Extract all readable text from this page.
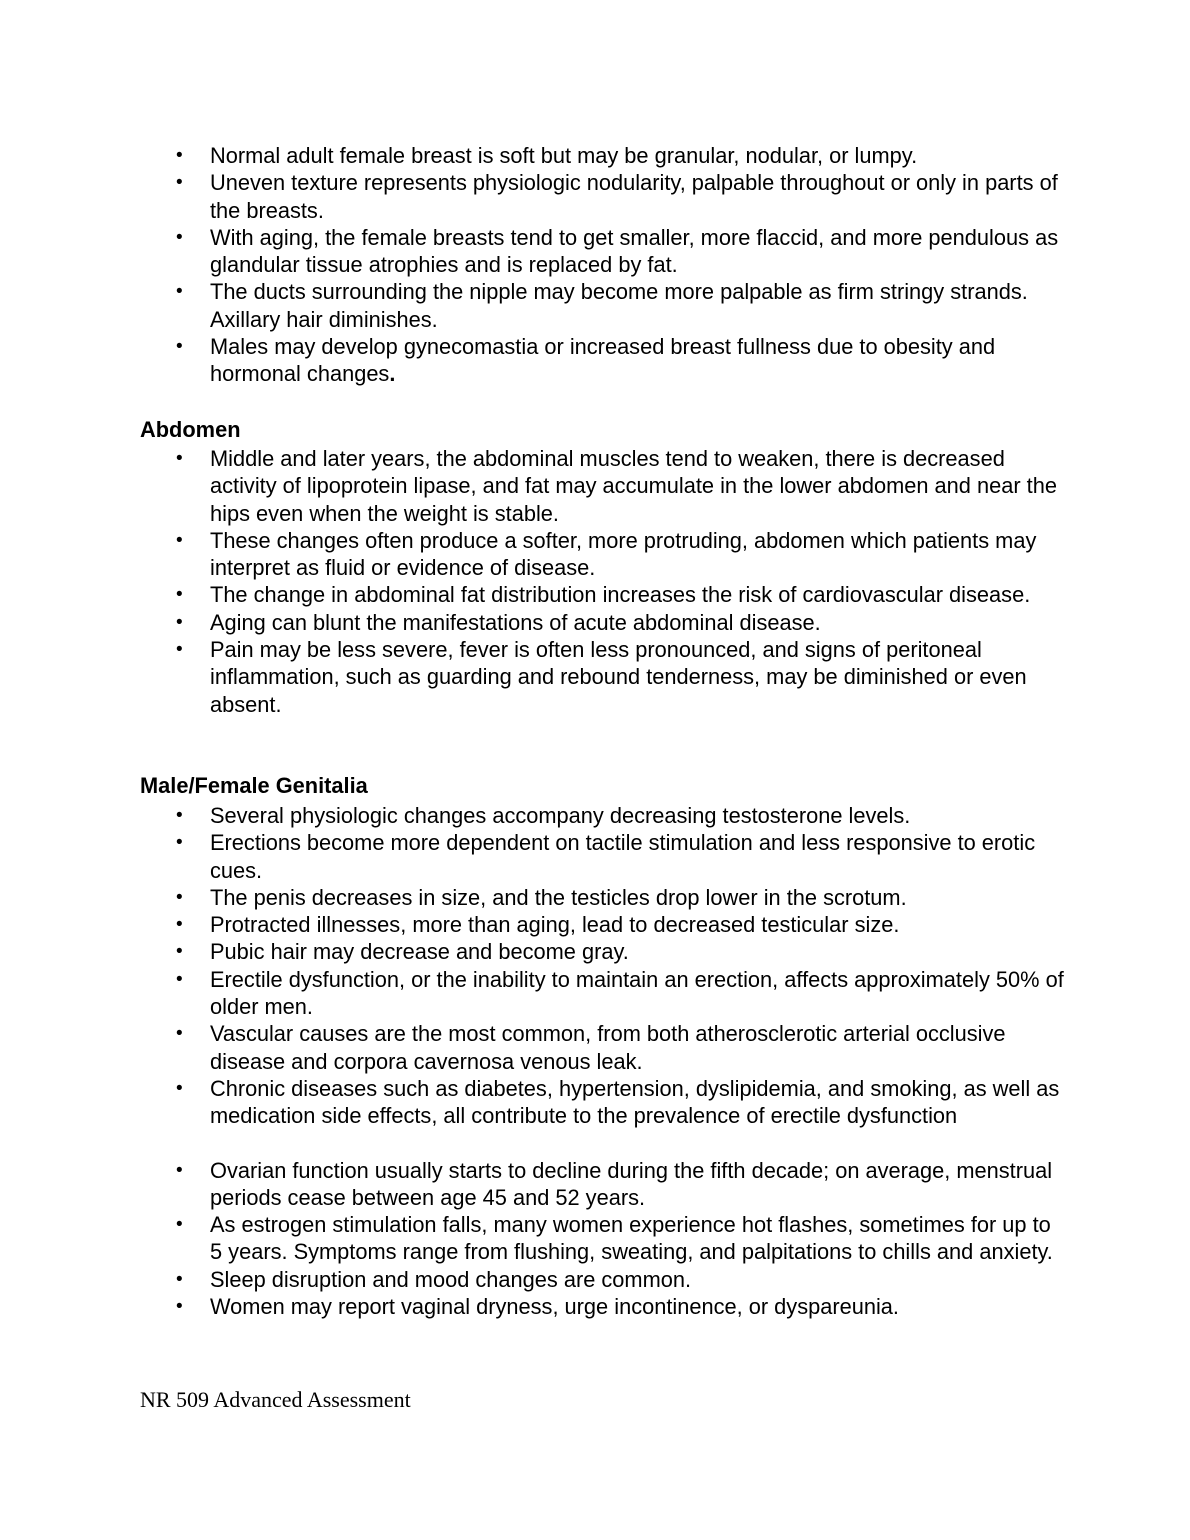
• Normal adult female breast is soft but may be granular, nodular, or lumpy.
• Uneven texture represents physiologic nodularity, palpable throughout or only in parts of the breasts.
• With aging, the female breasts tend to get smaller, more flaccid, and more pendulous as glandular tissue atrophies and is replaced by fat.
• The ducts surrounding the nipple may become more palpable as firm stringy strands. Axillary hair diminishes.
• Males may develop gynecomastia or increased breast fullness due to obesity and hormonal changes.
Abdomen
• Middle and later years, the abdominal muscles tend to weaken, there is decreased activity of lipoprotein lipase, and fat may accumulate in the lower abdomen and near the hips even when the weight is stable.
• These changes often produce a softer, more protruding, abdomen which patients may interpret as fluid or evidence of disease.
• The change in abdominal fat distribution increases the risk of cardiovascular disease.
• Aging can blunt the manifestations of acute abdominal disease.
• Pain may be less severe, fever is often less pronounced, and signs of peritoneal inflammation, such as guarding and rebound tenderness, may be diminished or even absent.
Male/Female Genitalia
• Several physiologic changes accompany decreasing testosterone levels.
• Erections become more dependent on tactile stimulation and less responsive to erotic cues.
• The penis decreases in size, and the testicles drop lower in the scrotum.
• Protracted illnesses, more than aging, lead to decreased testicular size.
• Pubic hair may decrease and become gray.
• Erectile dysfunction, or the inability to maintain an erection, affects approximately 50% of older men.
• Vascular causes are the most common, from both atherosclerotic arterial occlusive disease and corpora cavernosa venous leak.
• Chronic diseases such as diabetes, hypertension, dyslipidemia, and smoking, as well as medication side effects, all contribute to the prevalence of erectile dysfunction
• Ovarian function usually starts to decline during the fifth decade; on average, menstrual periods cease between age 45 and 52 years.
• As estrogen stimulation falls, many women experience hot flashes, sometimes for up to 5 years. Symptoms range from flushing, sweating, and palpitations to chills and anxiety.
• Sleep disruption and mood changes are common.
• Women may report vaginal dryness, urge incontinence, or dyspareunia.
NR 509 Advanced Assessment
